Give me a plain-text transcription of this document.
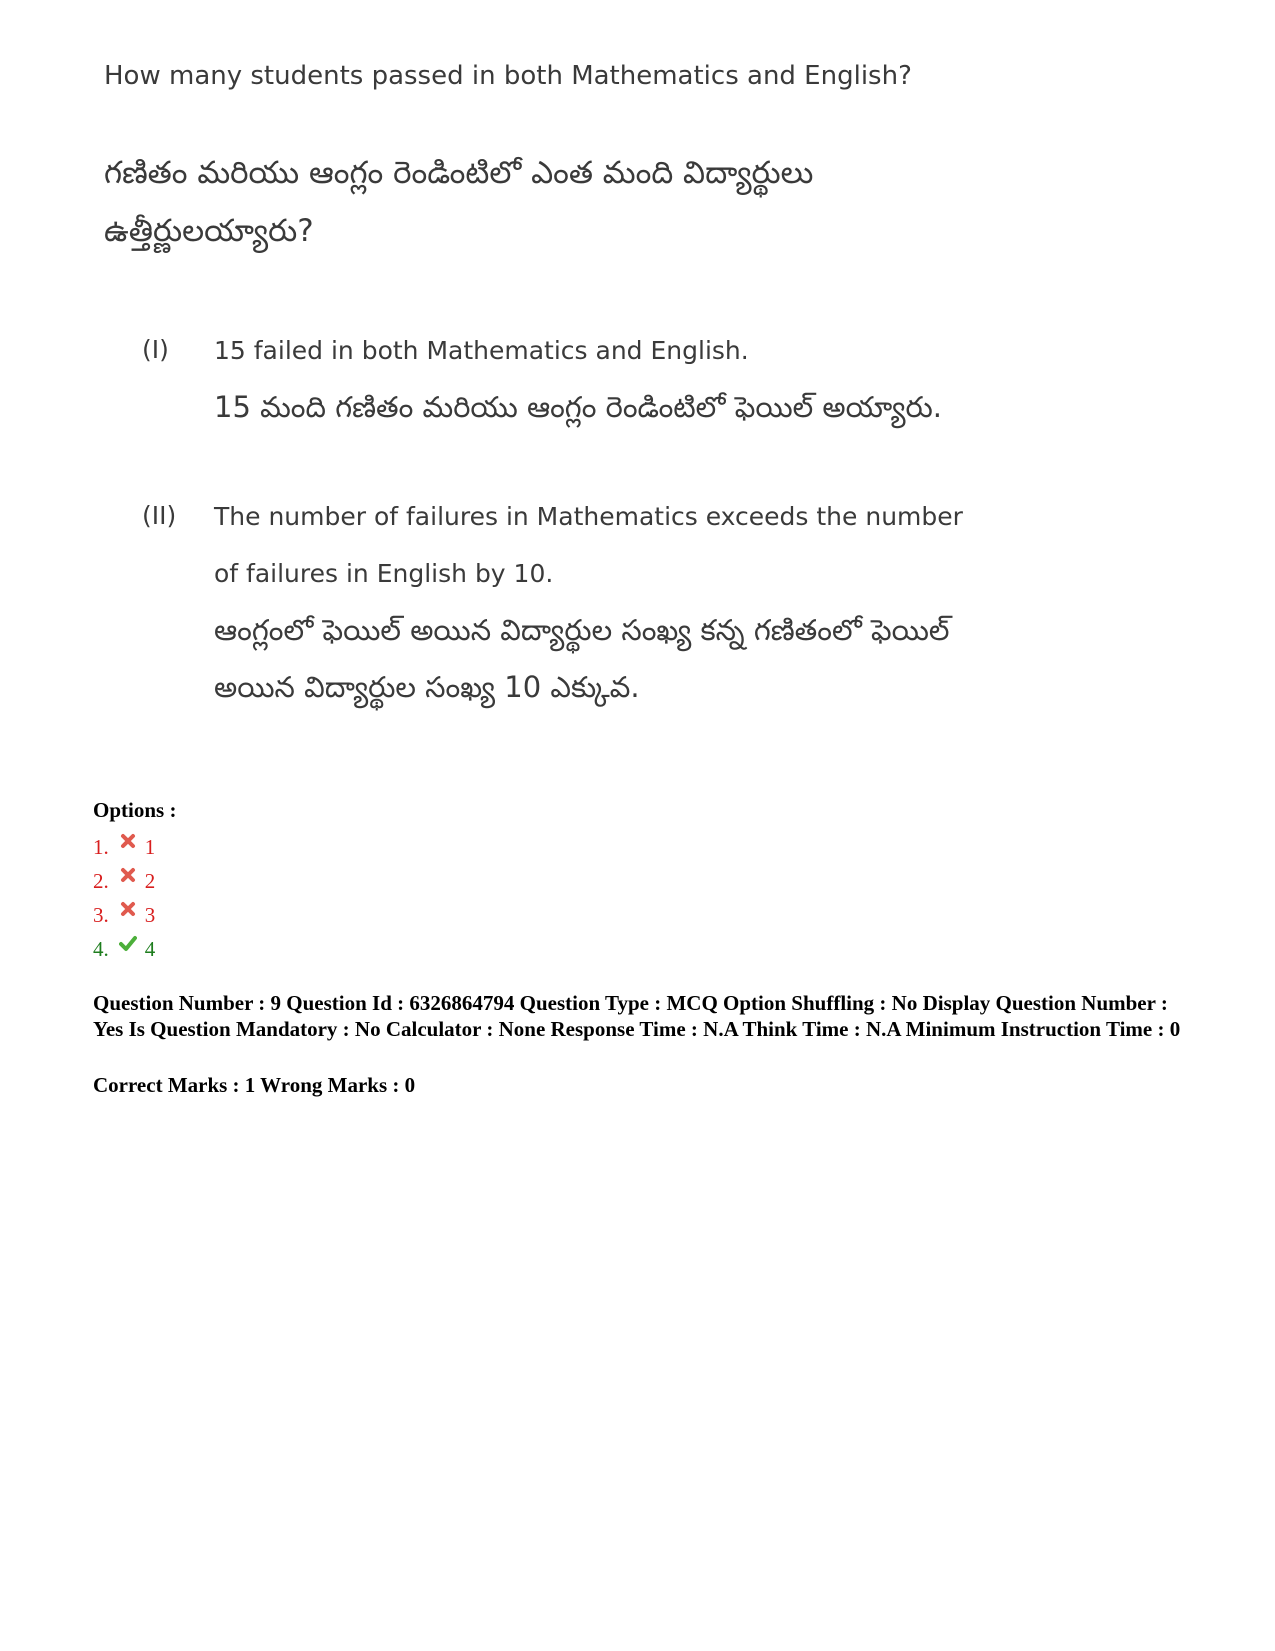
How many students passed in both Mathematics and English?

గణితం మరియు ఆంగ్లం రెండింటిలో ఎంత మంది విద్యార్థులు ఉత్తీర్ణులయ్యారు?

(I)	15 failed in both Mathematics and English.

15 మంది గణితం మరియు ఆంగ్లం రెండింటిలో ఫెయిల్ అయ్యారు.

(II)	The number of failures in Mathematics exceeds the number of failures in English by 10.

ఆంగ్లంలో ఫెయిల్ అయిన విద్యార్థుల సంఖ్య కన్న గణితంలో ఫెయిల్ అయిన విద్యార్థుల సంఖ్య 10 ఎక్కువ.

Options :
1. 1
2. 2
3. 3
4. 4

Question Number : 9 Question Id : 6326864794 Question Type : MCQ Option Shuffling : No Display Question Number : Yes Is Question Mandatory : No Calculator : None Response Time : N.A Think Time : N.A Minimum Instruction Time : 0

Correct Marks : 1 Wrong Marks : 0
